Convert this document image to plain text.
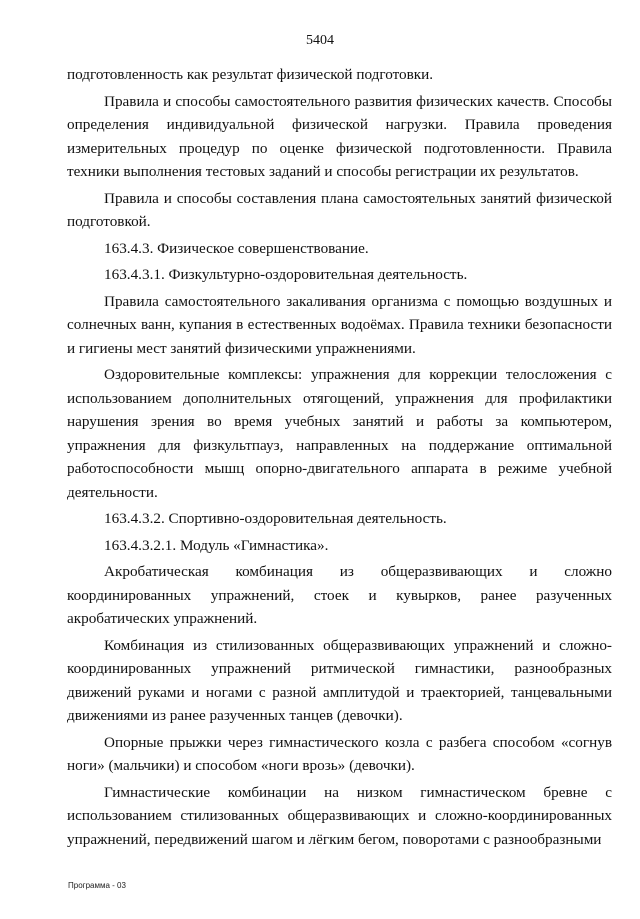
5404

подготовленность как результат физической подготовки.

Правила и способы самостоятельного развития физических качеств. Способы определения индивидуальной физической нагрузки. Правила проведения измерительных процедур по оценке физической подготовленности. Правила техники выполнения тестовых заданий и способы регистрации их результатов.

Правила и способы составления плана самостоятельных занятий физической подготовкой.

163.4.3. Физическое совершенствование.

163.4.3.1. Физкультурно-оздоровительная деятельность.

Правила самостоятельного закаливания организма с помощью воздушных и солнечных ванн, купания в естественных водоёмах. Правила техники безопасности и гигиены мест занятий физическими упражнениями.

Оздоровительные комплексы: упражнения для коррекции телосложения с использованием дополнительных отягощений, упражнения для профилактики нарушения зрения во время учебных занятий и работы за компьютером, упражнения для физкультпауз, направленных на поддержание оптимальной работоспособности мышц опорно-двигательного аппарата в режиме учебной деятельности.

163.4.3.2. Спортивно-оздоровительная деятельность.

163.4.3.2.1. Модуль «Гимнастика».

Акробатическая комбинация из общеразвивающих и сложно координированных упражнений, стоек и кувырков, ранее разученных акробатических упражнений.

Комбинация из стилизованных общеразвивающих упражнений и сложно-координированных упражнений ритмической гимнастики, разнообразных движений руками и ногами с разной амплитудой и траекторией, танцевальными движениями из ранее разученных танцев (девочки).

Опорные прыжки через гимнастического козла с разбега способом «согнув ноги» (мальчики) и способом «ноги врозь» (девочки).

Гимнастические комбинации на низком гимнастическом бревне с использованием стилизованных общеразвивающих и сложно-координированных упражнений, передвижений шагом и лёгким бегом, поворотами с разнообразными

Программа - 03
